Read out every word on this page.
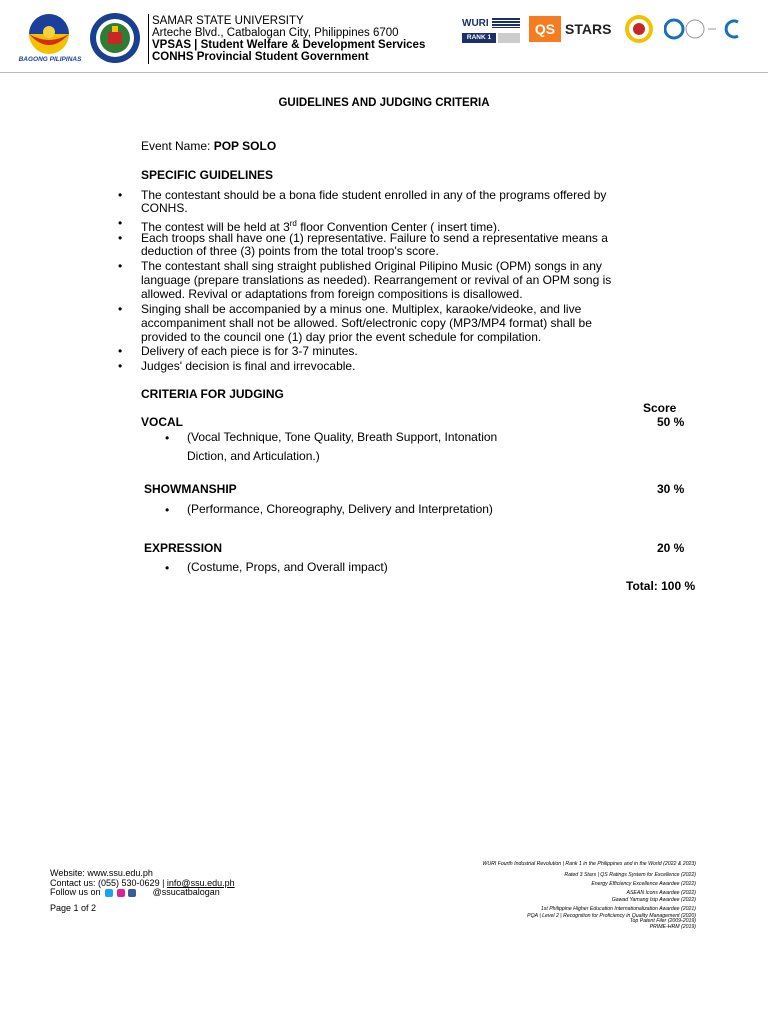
BAGONG PILIPINAS
SAMAR STATE UNIVERSITY
Arteche Blvd., Catbalogan City, Philippines 6700
VPSAS | Student Welfare & Development Services
CONHS Provincial Student Government
WURI
RANK 1
QS STARS
GUIDELINES AND JUDGING CRITERIA
Event Name: POP SOLO
SPECIFIC GUIDELINES
• The contestant should be a bona fide student enrolled in any of the programs offered by
CONHS.
• The contest will be held at 3rd floor Convention Center ( insert time).
• Each troops shall have one (1) representative. Failure to send a representative means a
deduction of three (3) points from the total troop's score.
• The contestant shall sing straight published Original Pilipino Music (OPM) songs in any
language (prepare translations as needed). Rearrangement or revival of an OPM song is
allowed. Revival or adaptations from foreign compositions is disallowed.
• Singing shall be accompanied by a minus one. Multiplex, karaoke/videoke, and live
accompaniment shall not be allowed. Soft/electronic copy (MP3/MP4 format) shall be
provided to the council one (1) day prior the event schedule for compilation.
• Delivery of each piece is for 3-7 minutes.
• Judges' decision is final and irrevocable.
CRITERIA FOR JUDGING
Score
VOCAL	50 %
• (Vocal Technique, Tone Quality, Breath Support, Intonation
Diction, and Articulation.)
SHOWMANSHIP	30 %
• (Performance, Choreography, Delivery and Interpretation)
EXPRESSION	20 %
• (Costume, Props, and Overall impact)
Total: 100 %
Website: www.ssu.edu.ph
Contact us: (055) 530-0629 | info@ssu.edu.ph
Follow us on	@ssucatbalogan
Page 1 of 2
WURI Fourth Industrial Revolution | Rank 1 in the Philippines and in the World (2022 & 2023)
Rated 3 Stars | QS Ratings System for Excellence (2022)
Energy Efficiency Excellence Awardee (2022)
ASEAN Icons Awardee (2022)
Gawad Yamang Isip Awardee (2022)
1st Philippine Higher Education Internationalization Awardee (2021)
PQA | Level 2 | Recognition for Proficiency in Quality Management (2020)
Top Patent Filer (2009-2019)
PRIME-HRM (2019)
